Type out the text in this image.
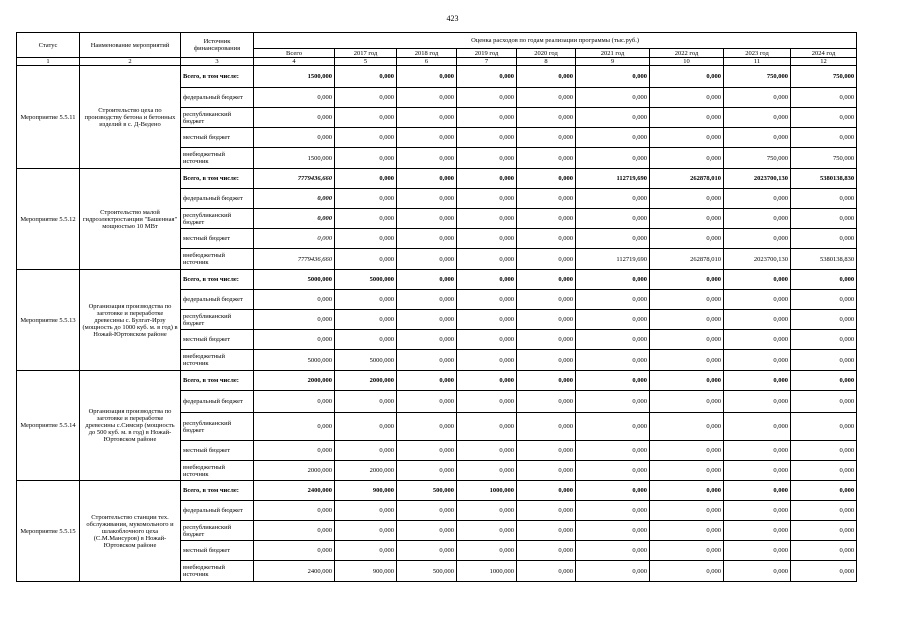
423
Статус	Наименование мероприятий	Источник финансирования	Оценка расходов по годам реализации программы (тыс.руб.)								
			Всего	2017 год	2018 год	2019 год	2020 год	2021 год	2022 год	2023 год	2024 год
1	2	3	4	5	6	7	8	9	10	11	12
Мероприятие 5.5.11	Строительство цеха по производству бетона и бетонных изделий в с. Д-Ведено	Всего, в том числе:	1500,000	0,000	0,000	0,000	0,000	0,000	0,000	750,000	750,000
		федеральный бюджет	0,000	0,000	0,000	0,000	0,000	0,000	0,000	0,000	0,000
		республиканский бюджет	0,000	0,000	0,000	0,000	0,000	0,000	0,000	0,000	0,000
		местный бюджет	0,000	0,000	0,000	0,000	0,000	0,000	0,000	0,000	0,000
		внебюджетный источник	1500,000	0,000	0,000	0,000	0,000	0,000	0,000	750,000	750,000
Мероприятие 5.5.12	Строительство малой гидроэлектростанции "Башенная" мощностью 10 МВт	Всего, в том числе:	7779436,660	0,000	0,000	0,000	0,000	112719,690	262878,010	2023700,130	5380138,830
		федеральный бюджет	0,000	0,000	0,000	0,000	0,000	0,000	0,000	0,000	0,000
		республиканский бюджет	0,000	0,000	0,000	0,000	0,000	0,000	0,000	0,000	0,000
		местный бюджет	0,000	0,000	0,000	0,000	0,000	0,000	0,000	0,000	0,000
		внебюджетный источник	7779436,660	0,000	0,000	0,000	0,000	112719,690	262878,010	2023700,130	5380138,830
Мероприятие 5.5.13	Организация производства по заготовке и переработке древесины с. Булгат-Ирзу (мощность до 1000 куб. м. в год) в Ножай-Юртовском районе	Всего, в том числе:	5000,000	5000,000	0,000	0,000	0,000	0,000	0,000	0,000	0,000
		федеральный бюджет	0,000	0,000	0,000	0,000	0,000	0,000	0,000	0,000	0,000
		республиканский бюджет	0,000	0,000	0,000	0,000	0,000	0,000	0,000	0,000	0,000
		местный бюджет	0,000	0,000	0,000	0,000	0,000	0,000	0,000	0,000	0,000
		внебюджетный источник	5000,000	5000,000	0,000	0,000	0,000	0,000	0,000	0,000	0,000
Мероприятие 5.5.14	Организация производства по заготовке и переработке древесины с.Симсир (мощность до 500 куб. м. в год) в Ножай-Юртовском районе	Всего, в том числе:	2000,000	2000,000	0,000	0,000	0,000	0,000	0,000	0,000	0,000
		федеральный бюджет	0,000	0,000	0,000	0,000	0,000	0,000	0,000	0,000	0,000
		республиканский бюджет	0,000	0,000	0,000	0,000	0,000	0,000	0,000	0,000	0,000
		местный бюджет	0,000	0,000	0,000	0,000	0,000	0,000	0,000	0,000	0,000
		внебюджетный источник	2000,000	2000,000	0,000	0,000	0,000	0,000	0,000	0,000	0,000
Мероприятие 5.5.15	Строительство станции тех. обслуживания, мукомольного и шлакоблочного цеха (С.М.Мансуров) в Ножай-Юртовском районе	Всего, в том числе:	2400,000	900,000	500,000	1000,000	0,000	0,000	0,000	0,000	0,000
		федеральный бюджет	0,000	0,000	0,000	0,000	0,000	0,000	0,000	0,000	0,000
		республиканский бюджет	0,000	0,000	0,000	0,000	0,000	0,000	0,000	0,000	0,000
		местный бюджет	0,000	0,000	0,000	0,000	0,000	0,000	0,000	0,000	0,000
		внебюджетный источник	2400,000	900,000	500,000	1000,000	0,000	0,000	0,000	0,000	0,000
